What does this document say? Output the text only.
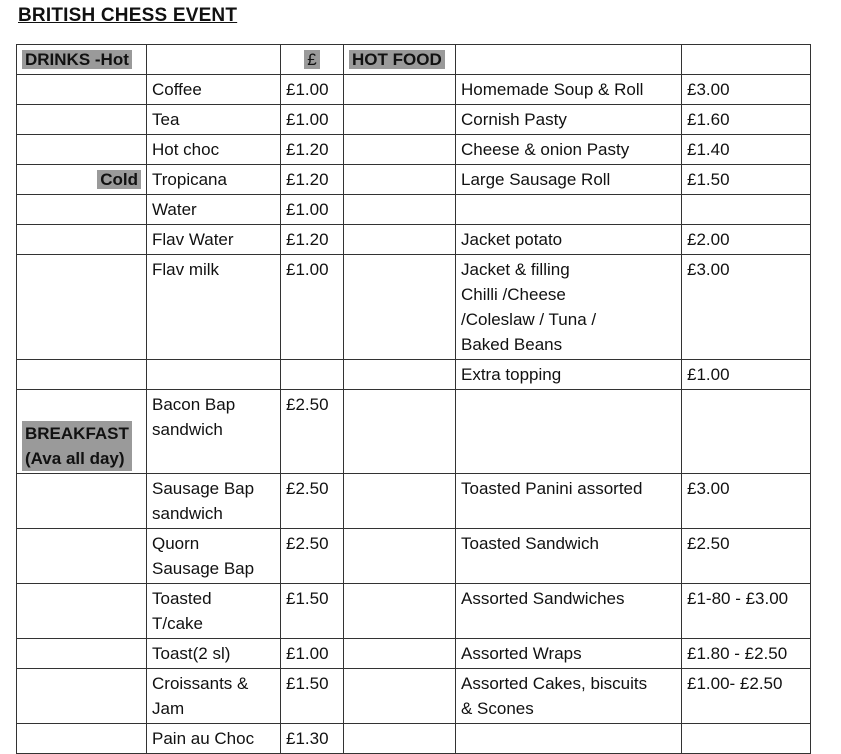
BRITISH CHESS EVENT
DRINKS -Hot		£	HOT FOOD		
	Coffee	£1.00		Homemade Soup & Roll	£3.00
	Tea	£1.00		Cornish Pasty	£1.60
	Hot choc	£1.20		Cheese & onion Pasty	£1.40
Cold	Tropicana	£1.20		Large Sausage Roll	£1.50
	Water	£1.00			
	Flav Water	£1.20		Jacket potato	£2.00
	Flav milk	£1.00		Jacket & filling
Chilli /Cheese
/Coleslaw / Tuna /
Baked Beans	£3.00
				Extra topping	£1.00

BREAKFAST
(Ava all day)	Bacon Bap
sandwich	£2.50			
	Sausage Bap
sandwich	£2.50		Toasted Panini assorted	£3.00
	Quorn
Sausage Bap	£2.50		Toasted Sandwich	£2.50
	Toasted
T/cake	£1.50		Assorted Sandwiches	£1-80 - £3.00
	Toast(2 sl)	£1.00		Assorted Wraps	£1.80 - £2.50
	Croissants &
Jam	£1.50		Assorted Cakes, biscuits
& Scones	£1.00- £2.50
	Pain au Choc	£1.30			
